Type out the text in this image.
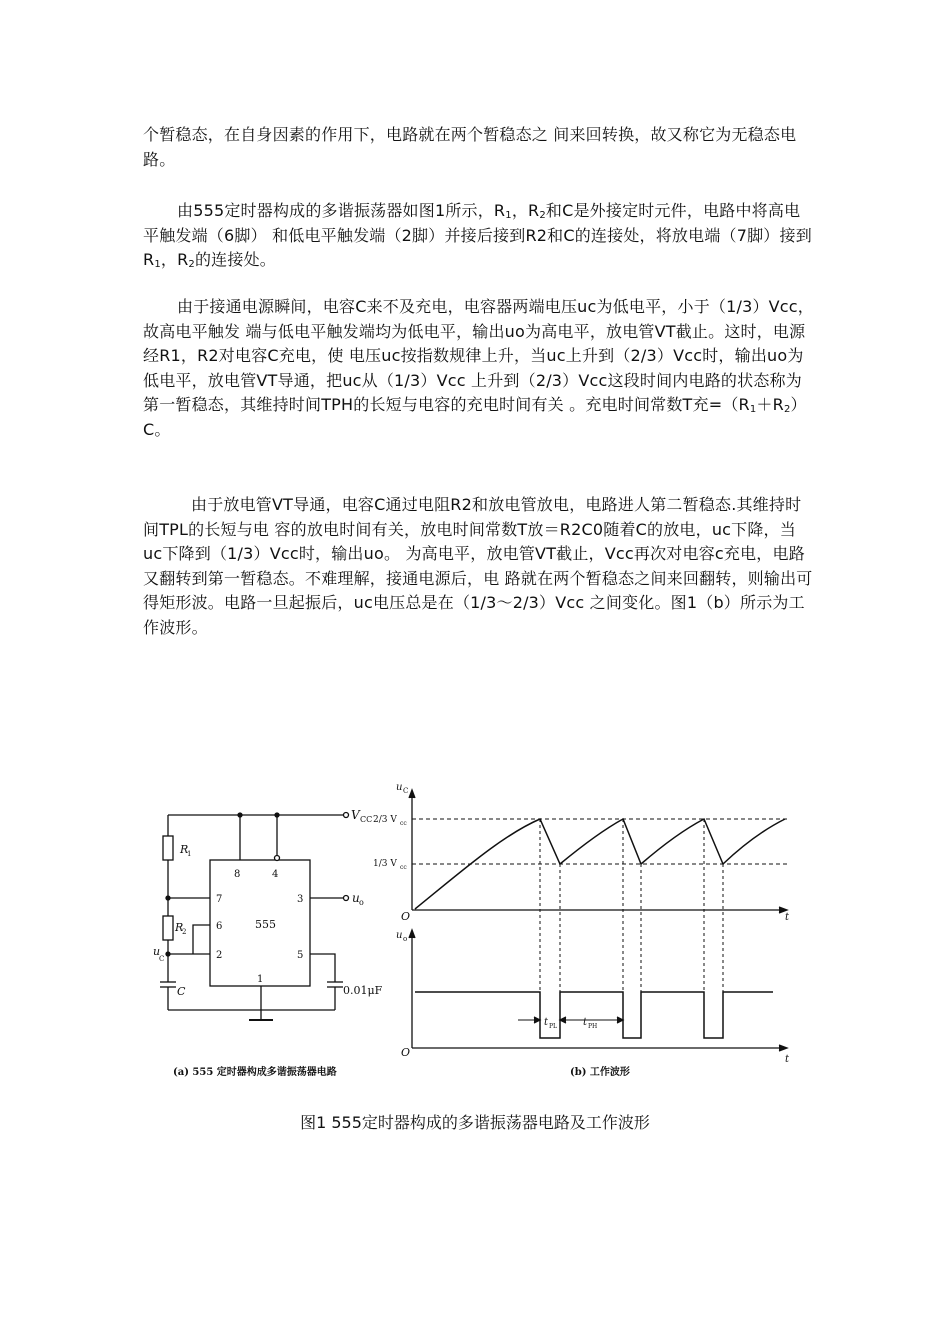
个暂稳态，在自身因素的作用下，电路就在两个暂稳态之 间来回转换，故又称它为无稳态电路。

由555定时器构成的多谐振荡器如图1所示，$R_1$，$R_2$和C是外接定时元件，电路中将高电平触发端（6脚） 和低电平触发端（2脚）并接后接到R2和C的连接处，将放电端（7脚）接到$R_1$，$R_2$的连接处。

由于接通电源瞬间，电容C来不及充电，电容器两端电压uc为低电平，小于（1/3）Vcc，故高电平触发 端与低电平触发端均为低电平，输出uo为高电平，放电管VT截止。这时，电源经R1，R2对电容C充电，使 电压uc按指数规律上升，当uc上升到（2/3）Vcc时，输出uo为低电平，放电管VT导通，把uc从（1/3）Vcc 上升到（2/3）Vcc这段时间内电路的状态称为第一暂稳态，其维持时间TPH的长短与电容的充电时间有关 。充电时间常数T充$=(R_1+R_2)C$。

由于放电管VT导通，电容C通过电阻R2和放电管放电，电路进人第二暂稳态.其维持时间TPL的长短与电 容的放电时间有关，放电时间常数T放＝R2C0随着C的放电，uc下降，当uc下降到（1/3）Vcc时，输出uo。 为高电平，放电管VT截止，Vcc再次对电容c充电，电路又翻转到第一暂稳态。不难理解，接通电源后，电 路就在两个暂稳态之间来回翻转，则输出可得矩形波。电路一旦起振后，uc电压总是在（1/3～2/3）Vcc 之间变化。图1（b）所示为工作波形。

V CC
R
1
R
2
u
C
C
555
8	4
7
6
2
3
5
1
u o
0.01μF
(a) 555 定时器构成多谐振荡器电路
u C
O	t
2/3 V cc
1/3 V cc
u o
O
t
t PL	t PH
(b) 工作波形
图1 555定时器构成的多谐振荡器电路及工作波形
